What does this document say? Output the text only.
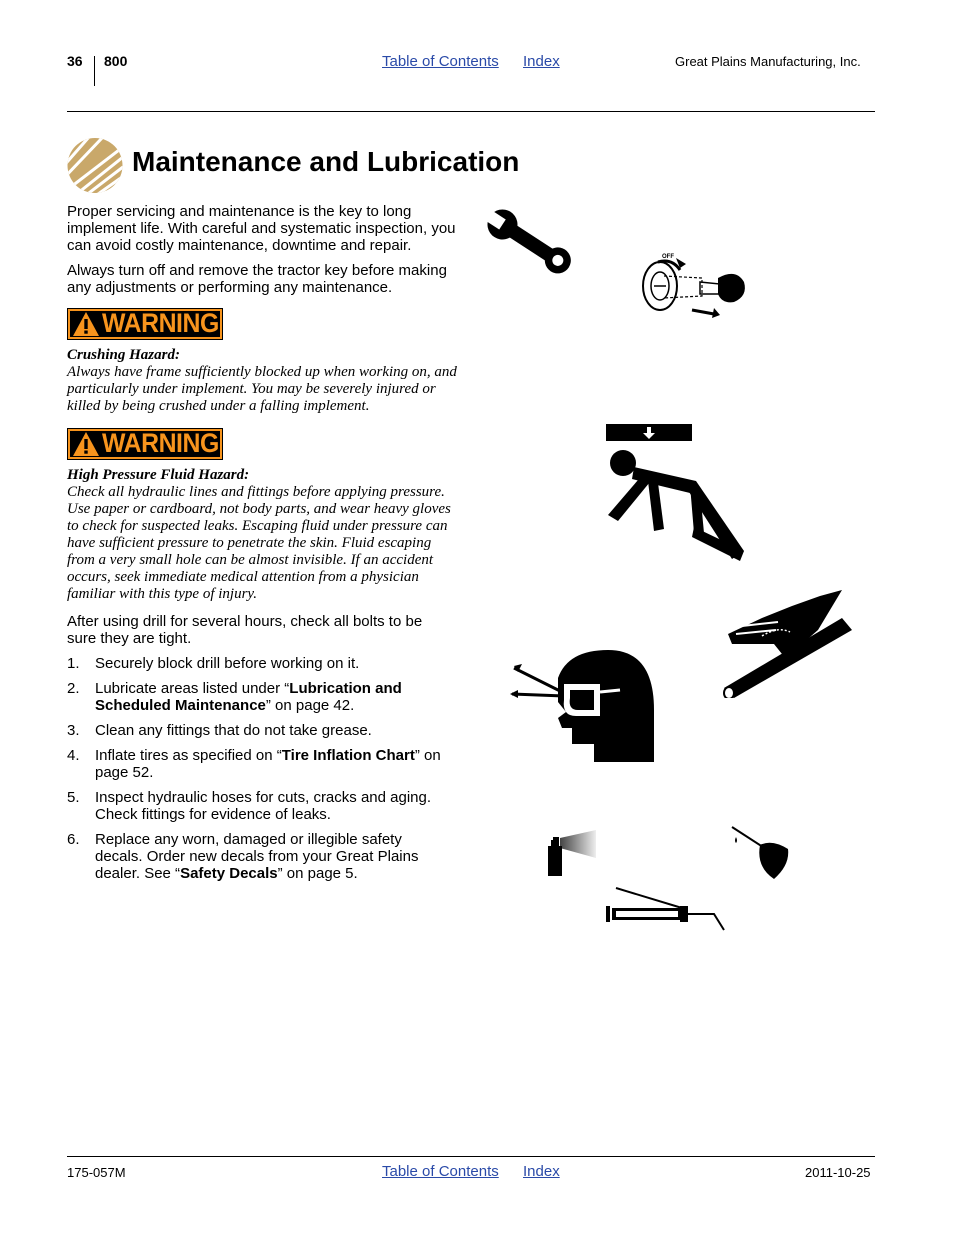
36 800	Table of Contents Index	Great Plains Manufacturing, Inc.
Maintenance and Lubrication
Proper servicing and maintenance is the key to long implement life. With careful and systematic inspection, you can avoid costly maintenance, downtime and repair.
Always turn off and remove the tractor key before making any adjustments or performing any maintenance.
WARNING
Crushing Hazard:
Always have frame sufficiently blocked up when working on, and particularly under implement. You may be severely injured or killed by being crushed under a falling implement.
WARNING
High Pressure Fluid Hazard:
Check all hydraulic lines and fittings before applying pressure. Use paper or cardboard, not body parts, and wear heavy gloves to check for suspected leaks. Escaping fluid under pressure can have sufficient pressure to penetrate the skin. Fluid escaping from a very small hole can be almost invisible. If an accident occurs, seek immediate medical attention from a physician familiar with this type of injury.
After using drill for several hours, check all bolts to be sure they are tight.
1. Securely block drill before working on it.
2. Lubricate areas listed under “Lubrication and Scheduled Maintenance” on page 42.
3. Clean any fittings that do not take grease.
4. Inflate tires as specified on “Tire Inflation Chart” on page 52.
5. Inspect hydraulic hoses for cuts, cracks and aging. Check fittings for evidence of leaks.
6. Replace any worn, damaged or illegible safety decals. Order new decals from your Great Plains dealer. See “Safety Decals” on page 5.
OFF
175-057M	Table of Contents Index	2011-10-25
